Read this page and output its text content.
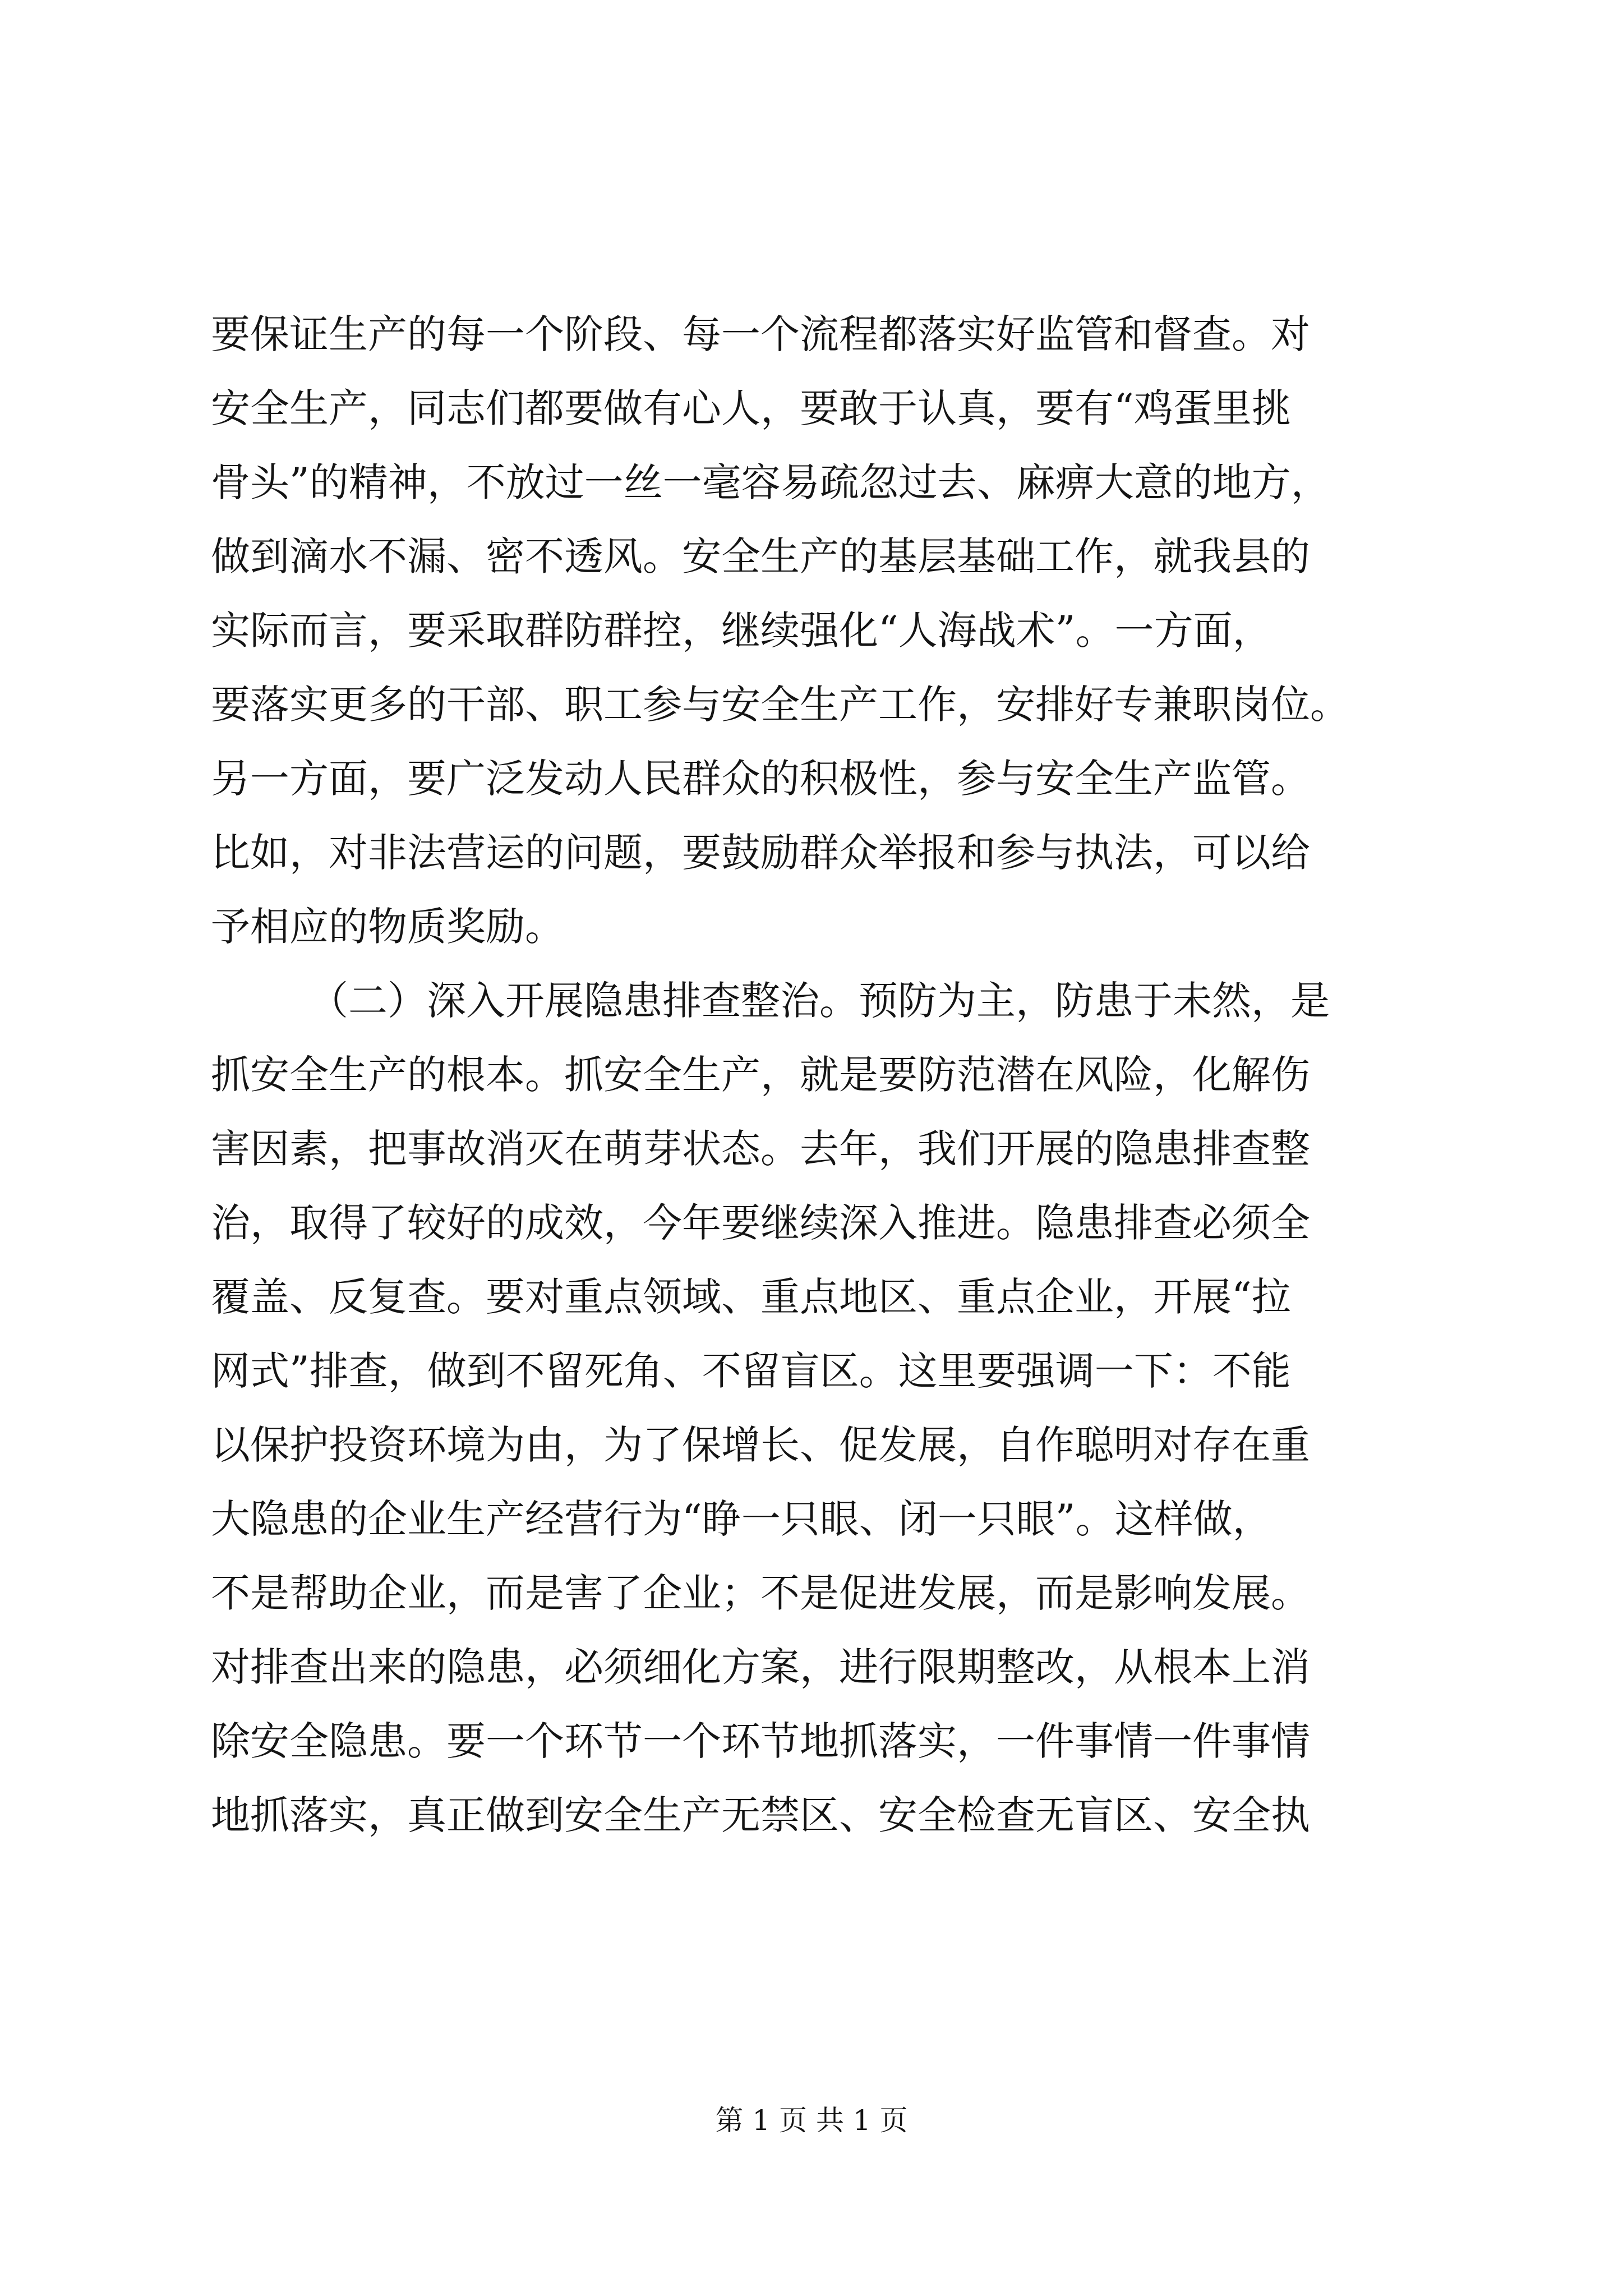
要保证生产的每一个阶段、每一个流程都落实好监管和督查。对
安全生产，同志们都要做有心人，要敢于认真，要有“鸡蛋里挑
骨头”的精神，不放过一丝一毫容易疏忽过去、麻痹大意的地方，
做到滴水不漏、密不透风。安全生产的基层基础工作，就我县的
实际而言，要采取群防群控，继续强化“人海战术”。一方面，
要落实更多的干部、职工参与安全生产工作，安排好专兼职岗位。
另一方面，要广泛发动人民群众的积极性，参与安全生产监管。
比如，对非法营运的问题，要鼓励群众举报和参与执法，可以给
予相应的物质奖励。
（二）深入开展隐患排查整治。预防为主，防患于未然，是
抓安全生产的根本。抓安全生产，就是要防范潜在风险，化解伤
害因素，把事故消灭在萌芽状态。去年，我们开展的隐患排查整
治，取得了较好的成效，今年要继续深入推进。隐患排查必须全
覆盖、反复查。要对重点领域、重点地区、重点企业，开展“拉
网式”排查，做到不留死角、不留盲区。这里要强调一下：不能
以保护投资环境为由，为了保增长、促发展，自作聪明对存在重
大隐患的企业生产经营行为“睁一只眼、闭一只眼”。这样做，
不是帮助企业，而是害了企业；不是促进发展，而是影响发展。
对排查出来的隐患，必须细化方案，进行限期整改，从根本上消
除安全隐患。要一个环节一个环节地抓落实，一件事情一件事情
地抓落实，真正做到安全生产无禁区、安全检查无盲区、安全执
第 1 页 共 1 页
